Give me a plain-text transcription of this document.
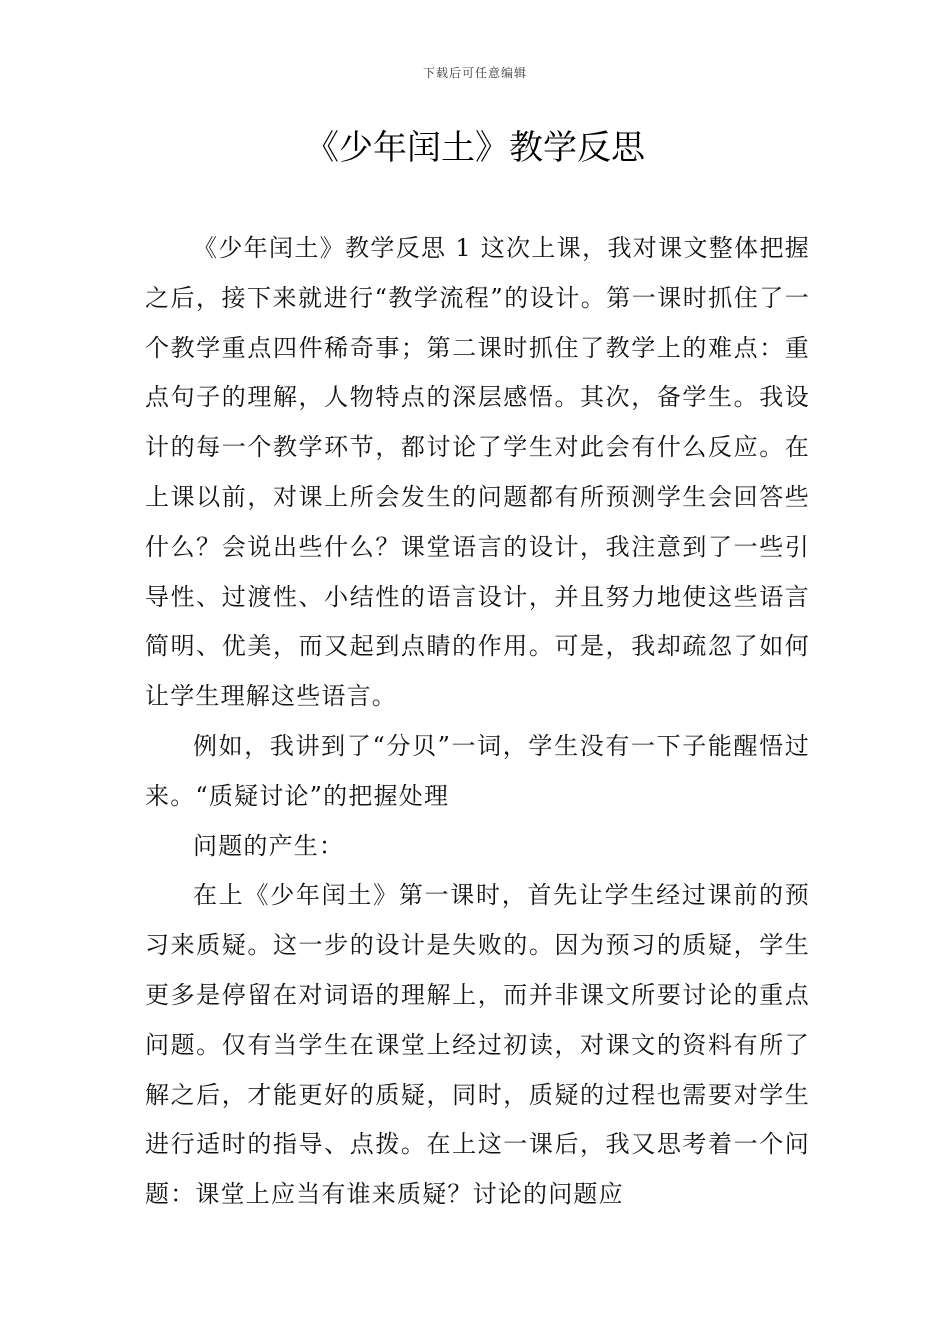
下载后可任意编辑
《少年闰土》教学反思

《少年闰土》教学反思 1 这次上课，我对课文整体把握之后，接下来就进行“教学流程”的设计。第一课时抓住了一个教学重点四件稀奇事；第二课时抓住了教学上的难点：重点句子的理解，人物特点的深层感悟。其次，备学生。我设计的每一个教学环节，都讨论了学生对此会有什么反应。在上课以前，对课上所会发生的问题都有所预测学生会回答些什么？会说出些什么？课堂语言的设计，我注意到了一些引导性、过渡性、小结性的语言设计，并且努力地使这些语言简明、优美，而又起到点睛的作用。可是，我却疏忽了如何让学生理解这些语言。

例如，我讲到了“分贝”一词，学生没有一下子能醒悟过来。“质疑讨论”的把握处理

问题的产生：

在上《少年闰土》第一课时，首先让学生经过课前的预习来质疑。这一步的设计是失败的。因为预习的质疑，学生更多是停留在对词语的理解上，而并非课文所要讨论的重点问题。仅有当学生在课堂上经过初读，对课文的资料有所了解之后，才能更好的质疑，同时，质疑的过程也需要对学生进行适时的指导、点拨。在上这一课后，我又思考着一个问题：课堂上应当有谁来质疑？讨论的问题应
